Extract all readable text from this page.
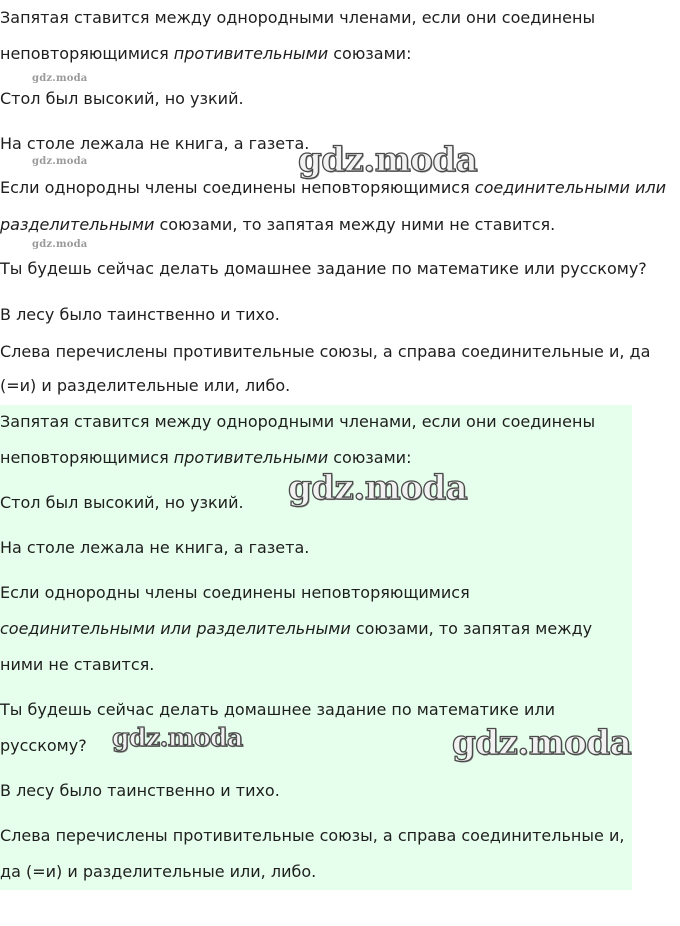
Запятая ставится между однородными членами, если они соединены

неповторяющимися противительными союзами:

gdz.moda

Стол был высокий, но узкий.

На столе лежала не книга, а газета.

gdz.moda
gdz.moda

Если однородны члены соединены неповторяющимися соединительными или

разделительными союзами, то запятая между ними не ставится.

gdz.moda

Ты будешь сейчас делать домашнее задание по математике или русскому?

В лесу было таинственно и тихо.

Слева перечислены противительные союзы, а справа соединительные и, да

(=и) и разделительные или, либо.

Запятая ставится между однородными членами, если они соединены

неповторяющимися противительными союзами:

gdz.moda

Стол был высокий, но узкий.

На столе лежала не книга, а газета.

Если однородны члены соединены неповторяющимися

соединительными или разделительными союзами, то запятая между

ними не ставится.

Ты будешь сейчас делать домашнее задание по математике или

русскому? gdz.moda	gdz.moda

В лесу было таинственно и тихо.

Слева перечислены противительные союзы, а справа соединительные и,

да (=и) и разделительные или, либо.
